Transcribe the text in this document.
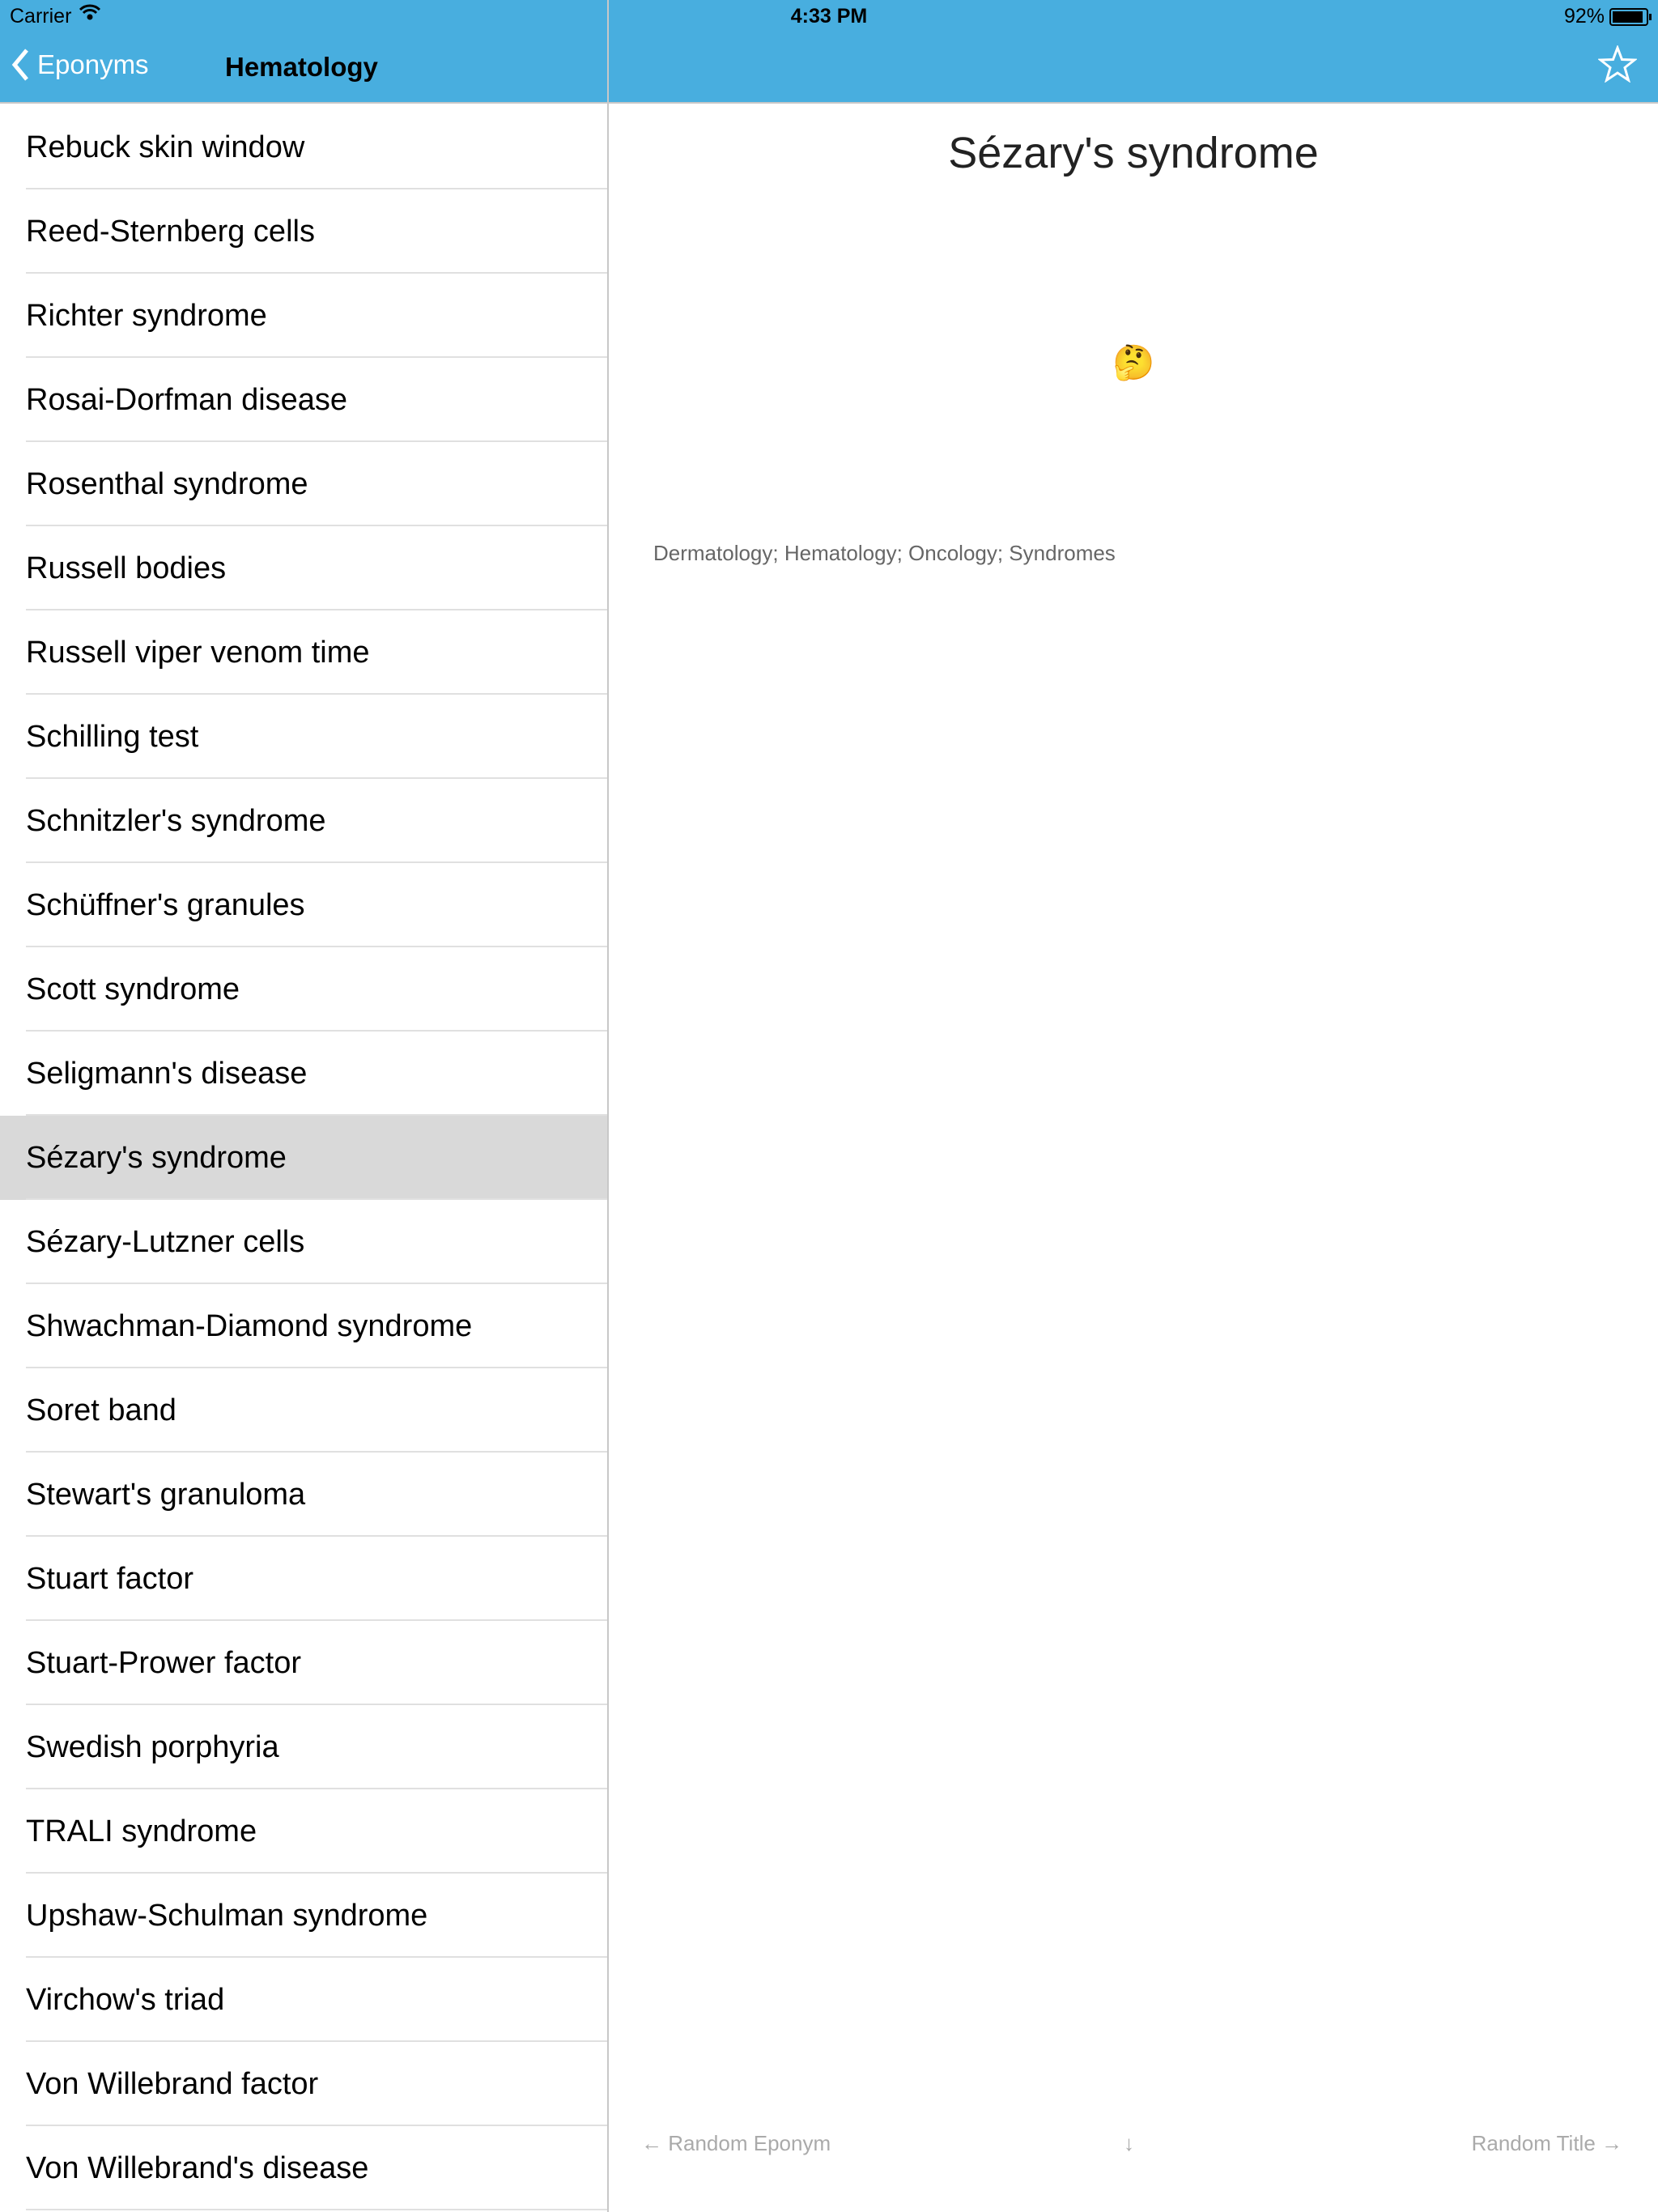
Carrier	4:33 PM	92%
Eponyms	Hematology
Rebuck skin window
Reed-Sternberg cells
Richter syndrome
Rosai-Dorfman disease
Rosenthal syndrome
Russell bodies
Russell viper venom time
Schilling test
Schnitzler's syndrome
Schüffner's granules
Scott syndrome
Seligmann's disease
Sézary's syndrome
Sézary-Lutzner cells
Shwachman-Diamond syndrome
Soret band
Stewart's granuloma
Stuart factor
Stuart-Prower factor
Swedish porphyria
TRALI syndrome
Upshaw-Schulman syndrome
Virchow's triad
Von Willebrand factor
Von Willebrand's disease
Sézary's syndrome
🤔
Dermatology; Hematology; Oncology; Syndromes
← Random Eponym	↓	Random Title →
